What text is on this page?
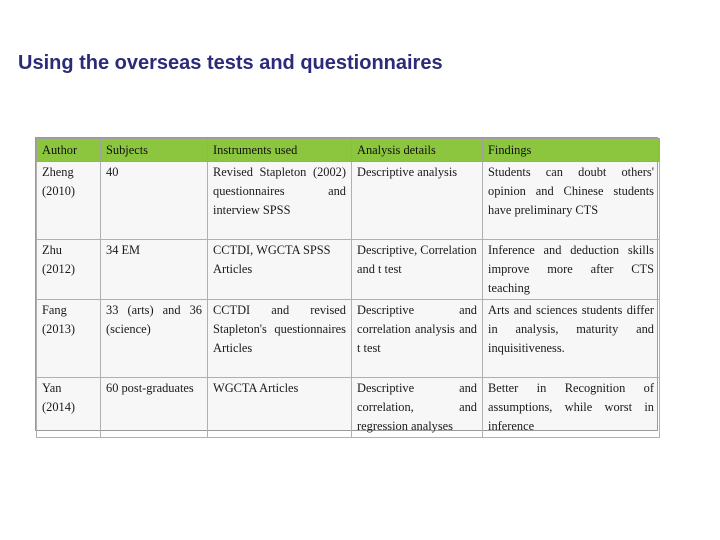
Using the overseas tests and questionnaires
Author	Subjects	Instruments used	Analysis details	Findings
Zheng (2010)	40	Revised Stapleton (2002) questionnaires and interview SPSS	Descriptive analysis	Students can doubt others' opinion and Chinese students have preliminary CTS
Zhu (2012)	34 EM	CCTDI, WGCTA SPSS Articles	Descriptive, Correlation and t test	Inference and deduction skills improve more after CTS teaching
Fang (2013)	33 (arts) and 36 (science)	CCTDI and revised Stapleton's questionnaires Articles	Descriptive and correlation analysis and t test	Arts and sciences students differ in analysis, maturity and inquisitiveness.
Yan (2014)	60 post-graduates	WGCTA Articles	Descriptive and correlation, and regression analyses	Better in Recognition of assumptions, while worst in inference
